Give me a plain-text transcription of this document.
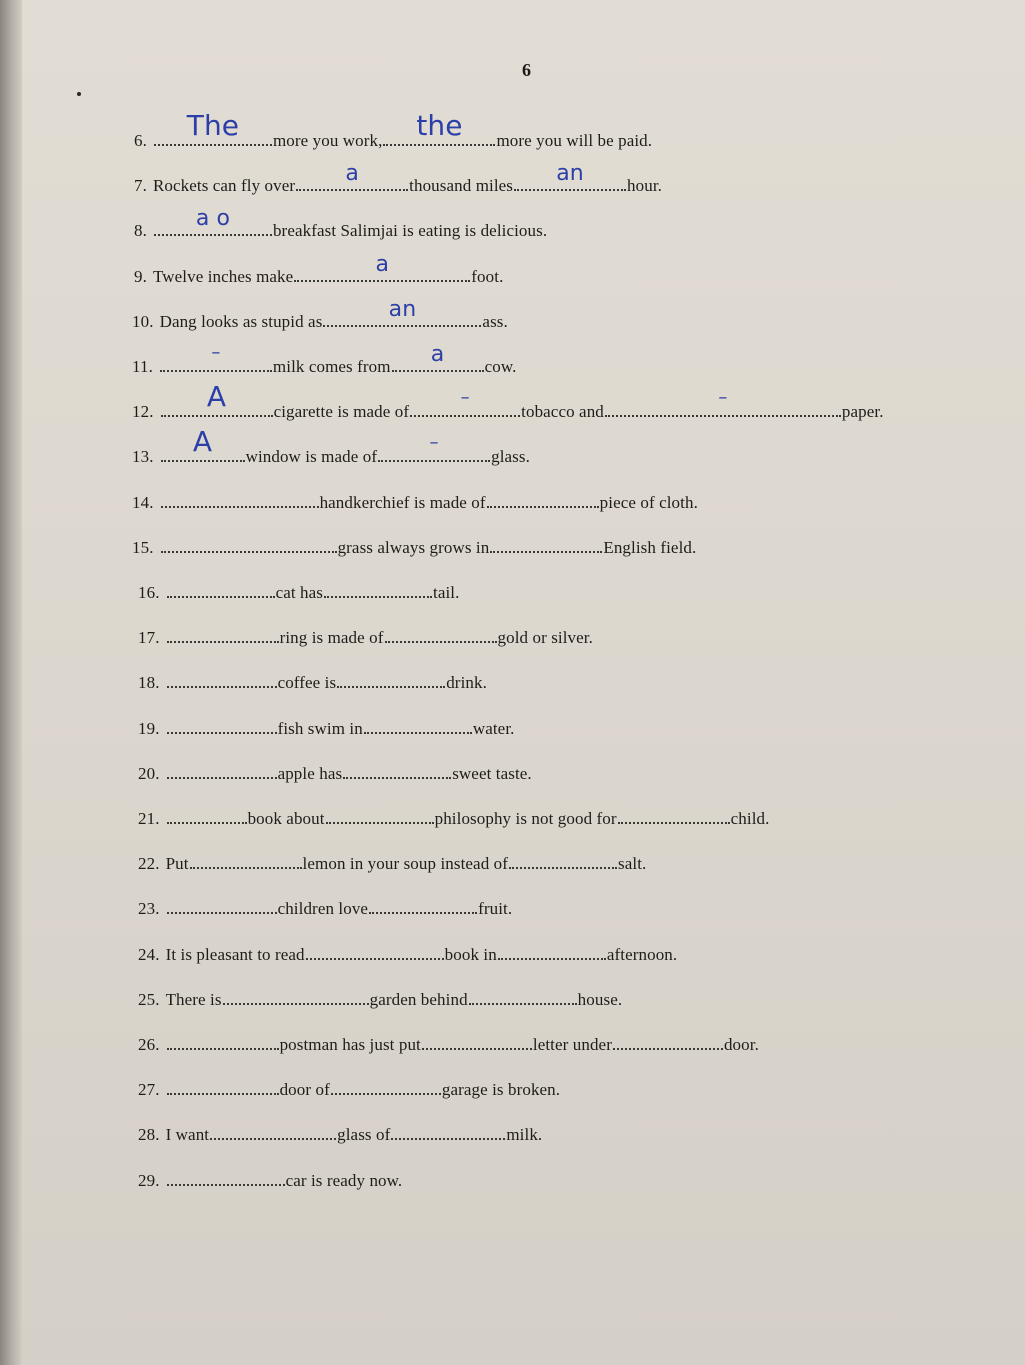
6
6.	The	more you work,	the	more you will be paid.
7. Rockets can fly over	a	thousand miles	an	hour.
8.	a o	breakfast Salimjai is eating is delicious.
9. Twelve inches make	a	foot.
10. Dang looks as stupid as	an	ass.
11.
–
milk comes from	a	cow.
12.	A	cigarette is made of
–
tobacco and
–
paper.
13.	A	window is made of
–
glass.
14.	handkerchief is made of	piece of cloth.
15.	grass always grows in	English field.
16.	cat has	tail.
17.	ring is made of	gold or silver.
18.	coffee is	drink.
19.	fish swim in	water.
20.	apple has	sweet taste.
21.	book about	philosophy is not good for	child.
22. Put	lemon in your soup instead of	salt.
23.	children love	fruit.
24. It is pleasant to read	book in	afternoon.
25. There is	garden behind	house.
26.	postman has just put	letter under	door.
27.	door of	garage is broken.
28. I want	glass of	milk.
29.	car is ready now.
